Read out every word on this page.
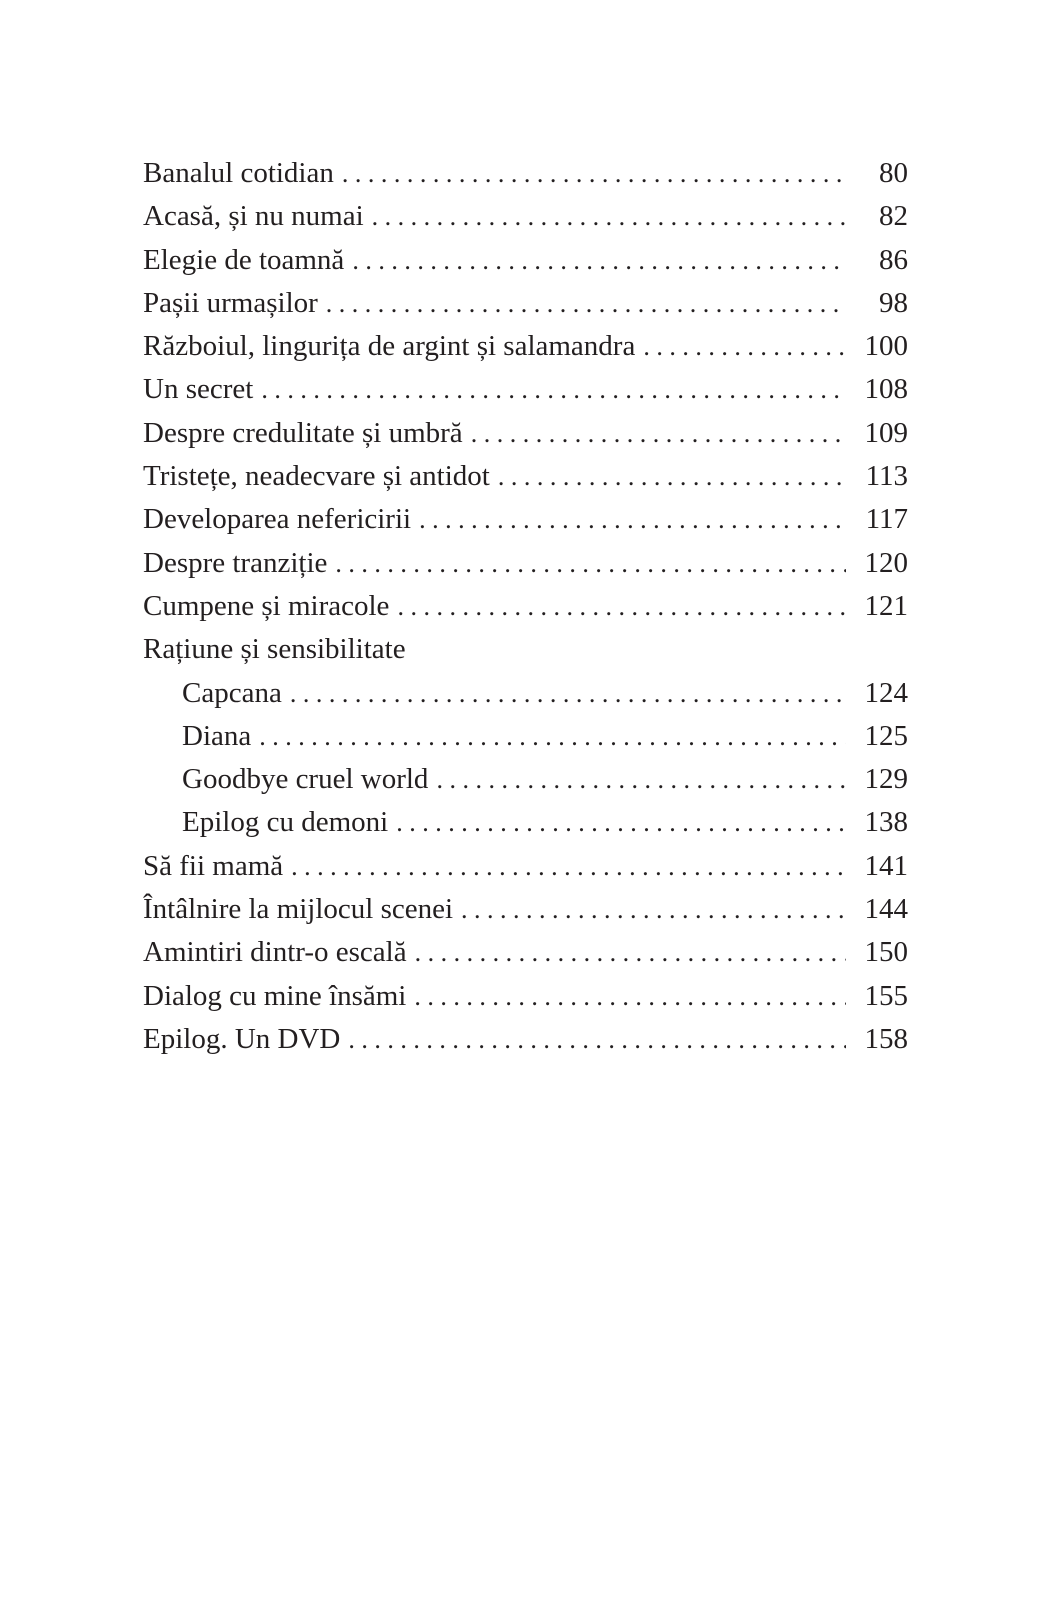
Banalul cotidian . . .	80
Acasă, și nu numai . . .	82
Elegie de toamnă . . .	86
Pașii urmașilor . . .	98
Războiul, lingurița de argint și salamandra . . .	100
Un secret . . .	108
Despre credulitate și umbră . . .	109
Tristețe, neadecvare și antidot . . .	113
Developarea nefericirii . . .	117
Despre tranziție . . .	120
Cumpene și miracole . . .	121
Rațiune și sensibilitate
Capcana . . .	124
Diana . . .	125
Goodbye cruel world . . .	129
Epilog cu demoni . . .	138
Să fii mamă . . .	141
Întâlnire la mijlocul scenei . . .	144
Amintiri dintr-o escală . . .	150
Dialog cu mine însămi . . .	155
Epilog. Un DVD . . .	158
